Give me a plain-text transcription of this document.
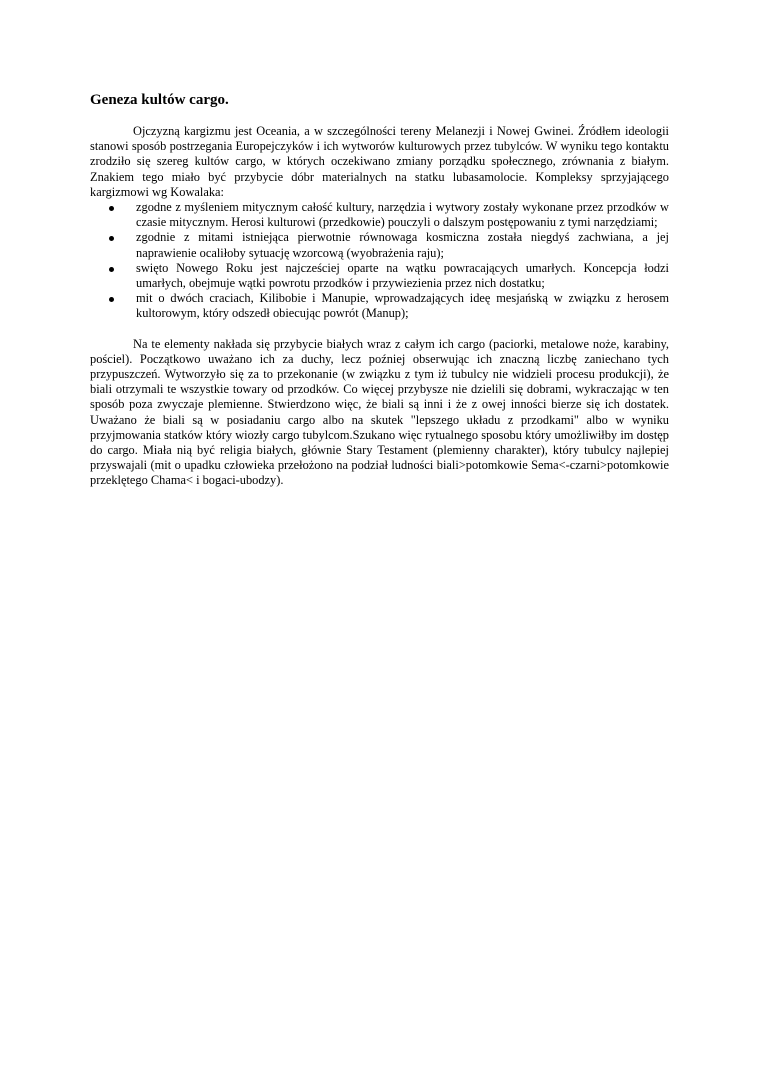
Geneza kultów cargo.

Ojczyzną kargizmu jest Oceania, a w szczególności tereny Melanezji i Nowej Gwinei. Źródłem ideologii stanowi sposób postrzegania Europejczyków i ich wytworów kulturowych przez tubylców. W wyniku tego kontaktu zrodziło się szereg kultów cargo, w których oczekiwano zmiany porządku społecznego, zrównania z białym. Znakiem tego miało być przybycie dóbr materialnych na statku lubasamolocie. Kompleksy sprzyjającego kargizmowi wg Kowalaka:

zgodne z myśleniem mitycznym całość kultury, narzędzia i wytwory zostały wykonane przez przodków w czasie mitycznym. Herosi kulturowi (przedkowie) pouczyli o dalszym postępowaniu z tymi narzędziami;
zgodnie z mitami istniejąca pierwotnie równowaga kosmiczna została niegdyś zachwiana, a jej naprawienie ocaliłoby sytuację wzorcową (wyobrażenia raju);
swięto Nowego Roku jest najcześciej oparte na wątku powracających umarłych. Koncepcja łodzi umarłych, obejmuje wątki powrotu przodków i przywiezienia przez nich dostatku;
mit o dwóch craciach, Kilibobie i Manupie, wprowadzających ideę mesjańską w związku z herosem kultorowym, który odszedł obiecując powrót (Manup);

Na te elementy nakłada się przybycie białych wraz z całym ich cargo (paciorki, metalowe noże, karabiny, pościel). Początkowo uważano ich za duchy, lecz poźniej obserwując ich znaczną liczbę zaniechano tych przypuszczeń. Wytworzyło się za to przekonanie (w związku z tym iż tubulcy nie widzieli procesu produkcji), że biali otrzymali te wszystkie towary od przodków. Co więcej przybysze nie dzielili się dobrami, wykraczając w ten sposób poza zwyczaje plemienne. Stwierdzono więc, że biali są inni i że z owej inności bierze się ich dostatek. Uważano że biali są w posiadaniu cargo albo na skutek "lepszego układu z przodkami" albo w wyniku przyjmowania statków który wiozły cargo tubylcom.Szukano więc rytualnego sposobu który umożliwiłby im dostęp do cargo. Miała nią być religia białych, głównie Stary Testament (plemienny charakter), który tubulcy najlepiej przyswajali (mit o upadku człowieka przełożono na podział ludności biali>potomkowie Sema<-czarni>potomkowie przeklętego Chama< i bogaci-ubodzy).
